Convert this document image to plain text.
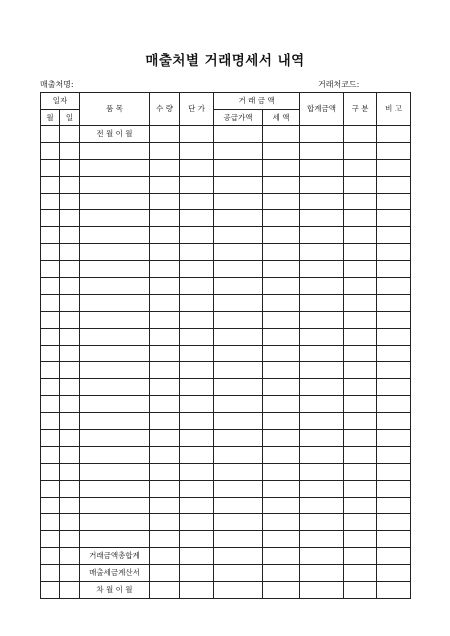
매출처별 거래명세서 내역
매출처명:	거래처코드:
일자		품 목	수 량	단 가	거 래 금 액		합계금액	구 분	비 고
월	일				공급가액	세 액			
		전 월 이 월							

		거래금액총합계							
		매출세금계산서							
		차 월 이 월							
